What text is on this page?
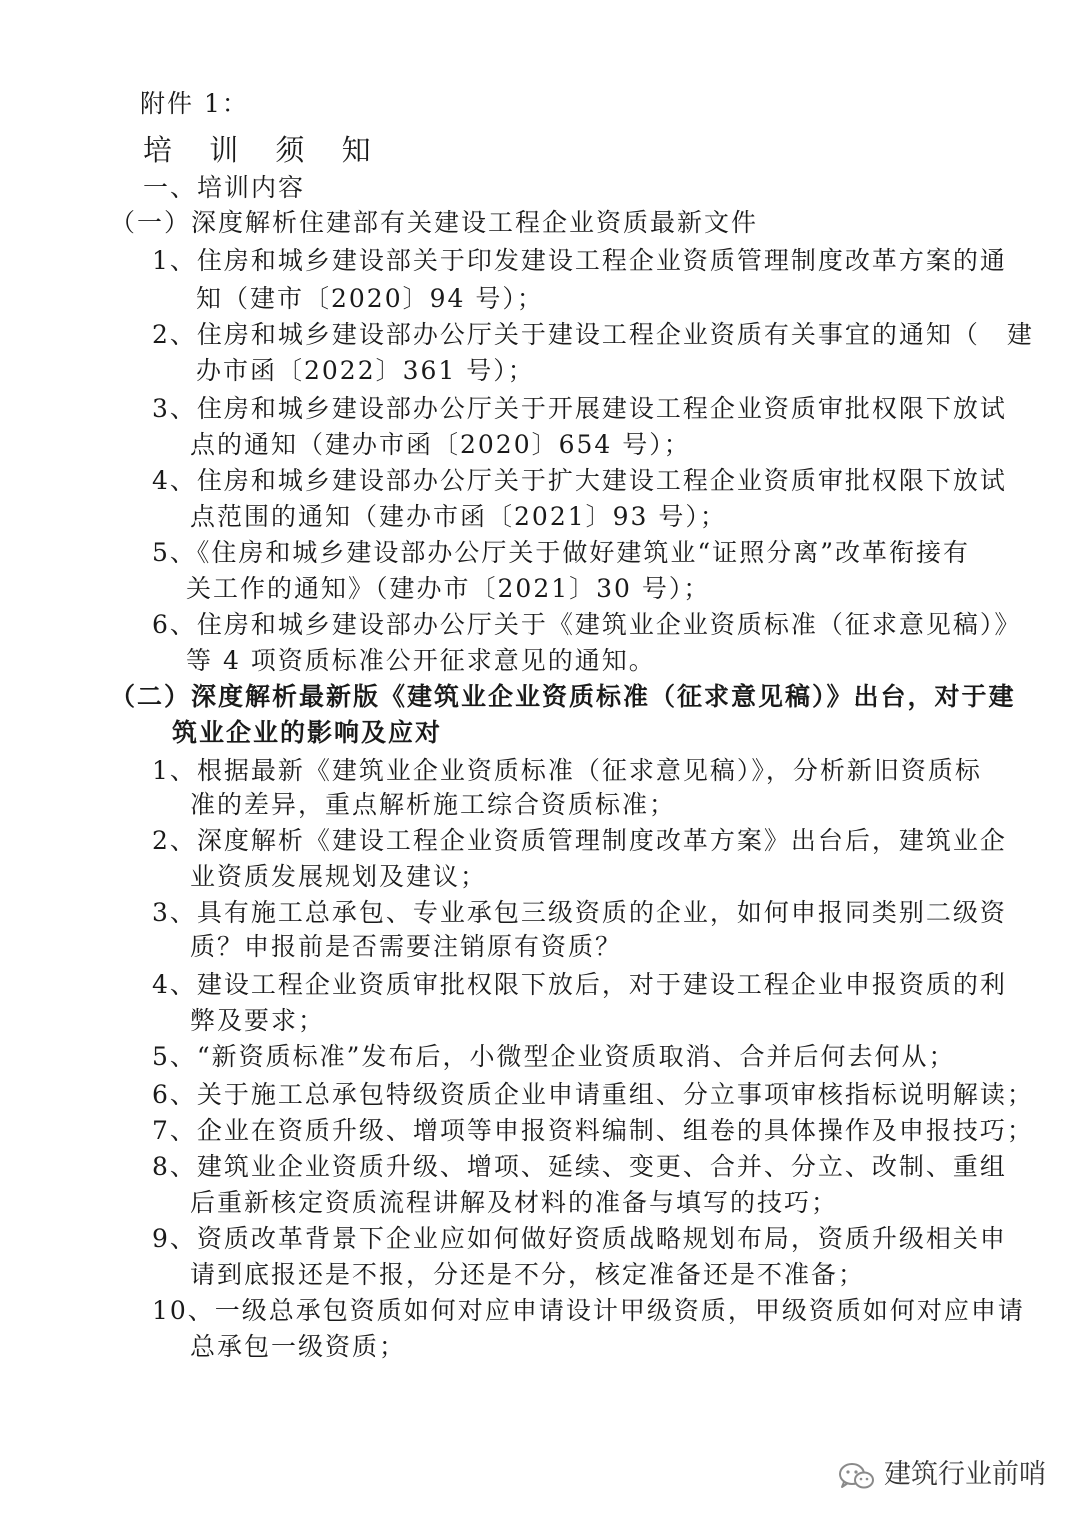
附件 1：
培 训 须 知
一、培训内容
（一）深度解析住建部有关建设工程企业资质最新文件
1、住房和城乡建设部关于印发建设工程企业资质管理制度改革方案的通
知（建市〔2020〕94 号）；
2、住房和城乡建设部办公厅关于建设工程企业资质有关事宜的通知（　建
办市函〔2022〕361 号）；
3、住房和城乡建设部办公厅关于开展建设工程企业资质审批权限下放试
点的通知（建办市函〔2020〕654 号）；
4、住房和城乡建设部办公厅关于扩大建设工程企业资质审批权限下放试
点范围的通知（建办市函〔2021〕93 号）；
5、《住房和城乡建设部办公厅关于做好建筑业“证照分离”改革衔接有
关工作的通知》（建办市〔2021〕30 号）；
6、住房和城乡建设部办公厅关于《建筑业企业资质标准（征求意见稿）》
等 4 项资质标准公开征求意见的通知。
（二）深度解析最新版《建筑业企业资质标准（征求意见稿）》出台，对于建
筑业企业的影响及应对
1、根据最新《建筑业企业资质标准（征求意见稿）》，分析新旧资质标
准的差异，重点解析施工综合资质标准；
2、深度解析《建设工程企业资质管理制度改革方案》出台后，建筑业企
业资质发展规划及建议；
3、具有施工总承包、专业承包三级资质的企业，如何申报同类别二级资
质？申报前是否需要注销原有资质？
4、建设工程企业资质审批权限下放后，对于建设工程企业申报资质的利
弊及要求；
5、“新资质标准”发布后，小微型企业资质取消、合并后何去何从；
6、关于施工总承包特级资质企业申请重组、分立事项审核指标说明解读；
7、企业在资质升级、增项等申报资料编制、组卷的具体操作及申报技巧；
8、建筑业企业资质升级、增项、延续、变更、合并、分立、改制、重组
后重新核定资质流程讲解及材料的准备与填写的技巧；
9、资质改革背景下企业应如何做好资质战略规划布局，资质升级相关申
请到底报还是不报，分还是不分，核定准备还是不准备；
10、一级总承包资质如何对应申请设计甲级资质，甲级资质如何对应申请
总承包一级资质；
建筑行业前哨
